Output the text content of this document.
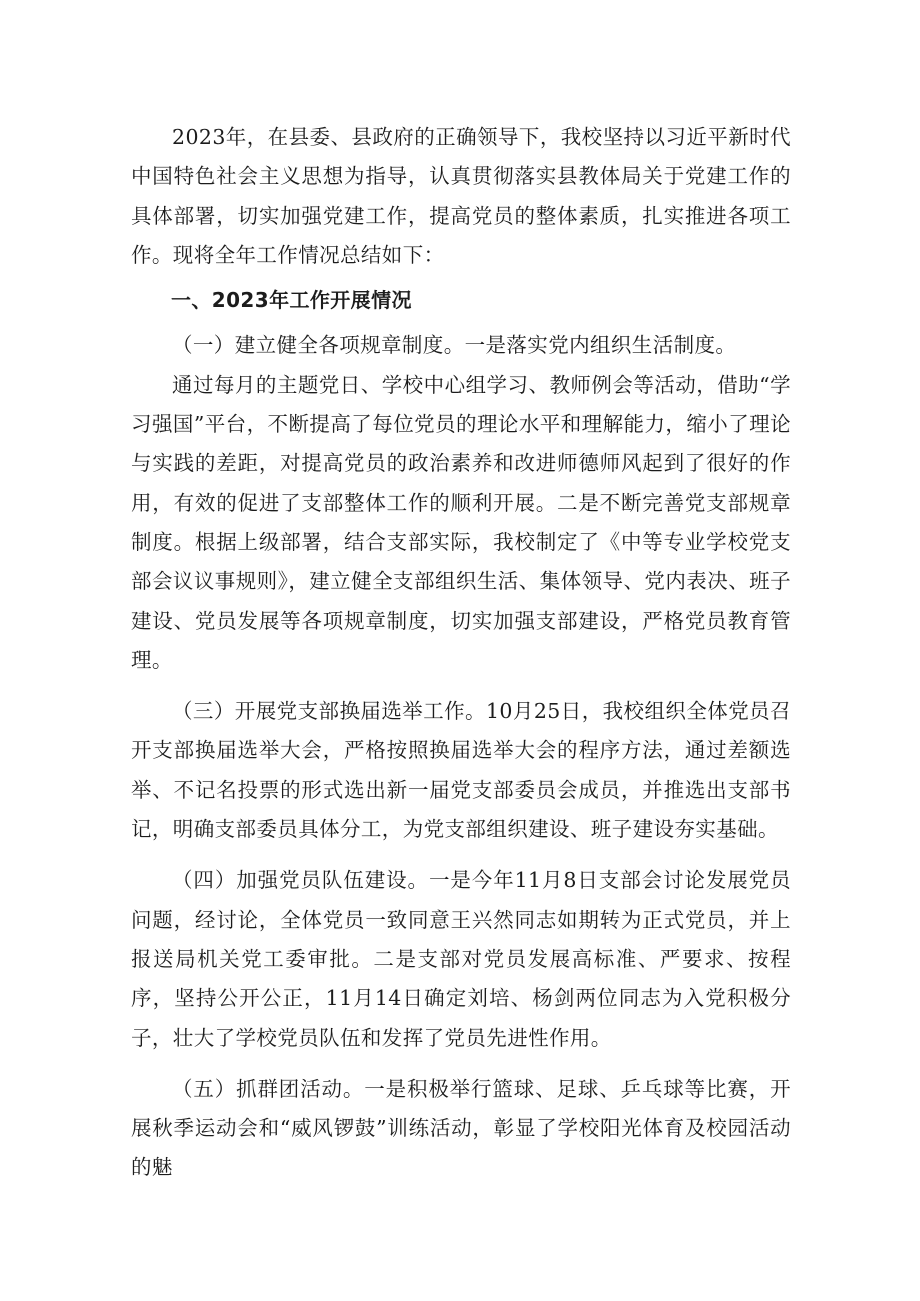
2023年，在县委、县政府的正确领导下，我校坚持以习近平新时代中国特色社会主义思想为指导，认真贯彻落实县教体局关于党建工作的具体部署，切实加强党建工作，提高党员的整体素质，扎实推进各项工作。现将全年工作情况总结如下：

一、2023年工作开展情况

（一）建立健全各项规章制度。一是落实党内组织生活制度。

通过每月的主题党日、学校中心组学习、教师例会等活动，借助“学习强国”平台，不断提高了每位党员的理论水平和理解能力，缩小了理论与实践的差距，对提高党员的政治素养和改进师德师风起到了很好的作用，有效的促进了支部整体工作的顺利开展。二是不断完善党支部规章制度。根据上级部署，结合支部实际，我校制定了《中等专业学校党支部会议议事规则》，建立健全支部组织生活、集体领导、党内表决、班子建设、党员发展等各项规章制度，切实加强支部建设，严格党员教育管理。

（三）开展党支部换届选举工作。10月25日，我校组织全体党员召开支部换届选举大会，严格按照换届选举大会的程序方法，通过差额选举、不记名投票的形式选出新一届党支部委员会成员，并推选出支部书记，明确支部委员具体分工，为党支部组织建设、班子建设夯实基础。

（四）加强党员队伍建设。一是今年11月8日支部会讨论发展党员问题，经讨论，全体党员一致同意王兴然同志如期转为正式党员，并上报送局机关党工委审批。二是支部对党员发展高标准、严要求、按程序，坚持公开公正，11月14日确定刘培、杨剑两位同志为入党积极分子，壮大了学校党员队伍和发挥了党员先进性作用。

（五）抓群团活动。一是积极举行篮球、足球、乒乓球等比赛，开展秋季运动会和“威风锣鼓”训练活动，彰显了学校阳光体育及校园活动的魅
